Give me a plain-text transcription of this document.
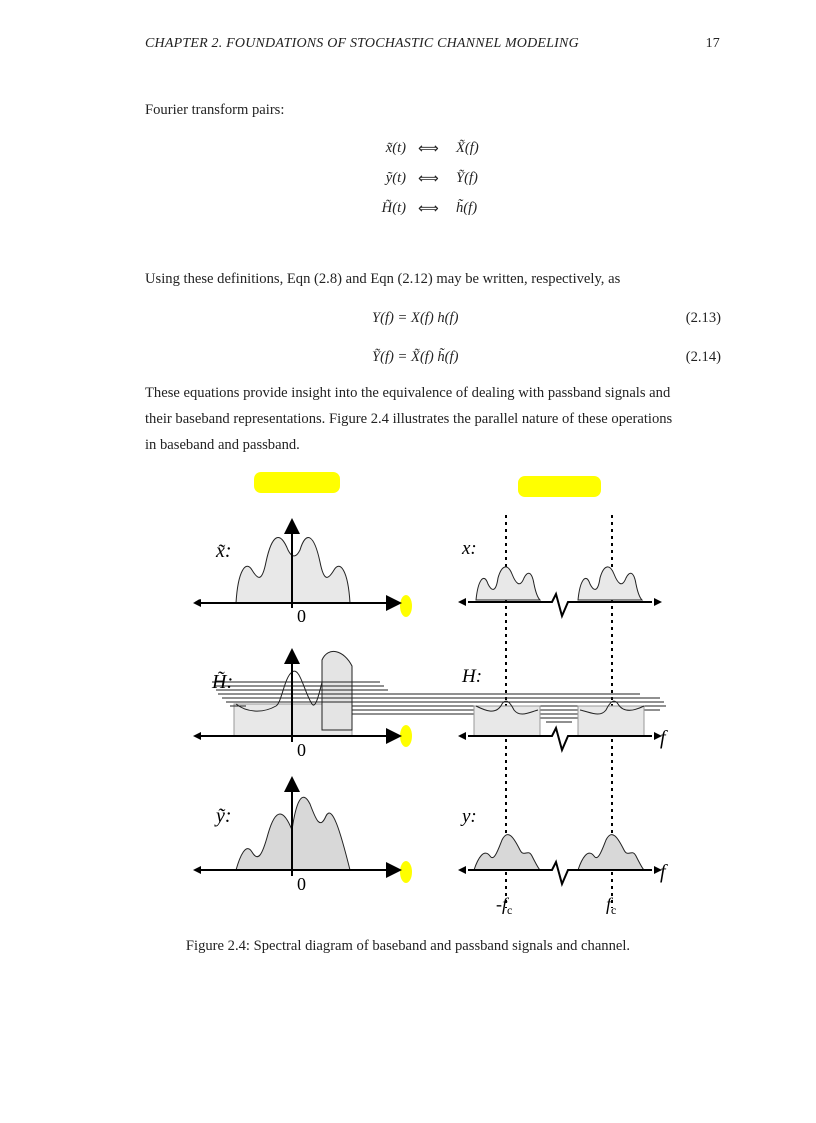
CHAPTER 2. FOUNDATIONS OF STOCHASTIC CHANNEL MODELING	17
Fourier transform pairs:
x̃(t) ⟺ X̃(f)
ỹ(t) ⟺ Ỹ(f)
H̃(t) ⟺ h̃(f)
Using these definitions, Eqn (2.8) and Eqn (2.12) may be written, respectively, as
Y(f) = X(f) h(f)	(2.13)
Ỹ(f) = X̃(f) h̃(f)	(2.14)
These equations provide insight into the equivalence of dealing with passband signals and
their baseband representations. Figure 2.4 illustrates the parallel nature of these operations
in baseband and passband.
x̃:
0
x:
H̃:
0
H:
f
ỹ:
0
y:
f
$-f_c$	$f_c$
Figure 2.4: Spectral diagram of baseband and passband signals and channel.
